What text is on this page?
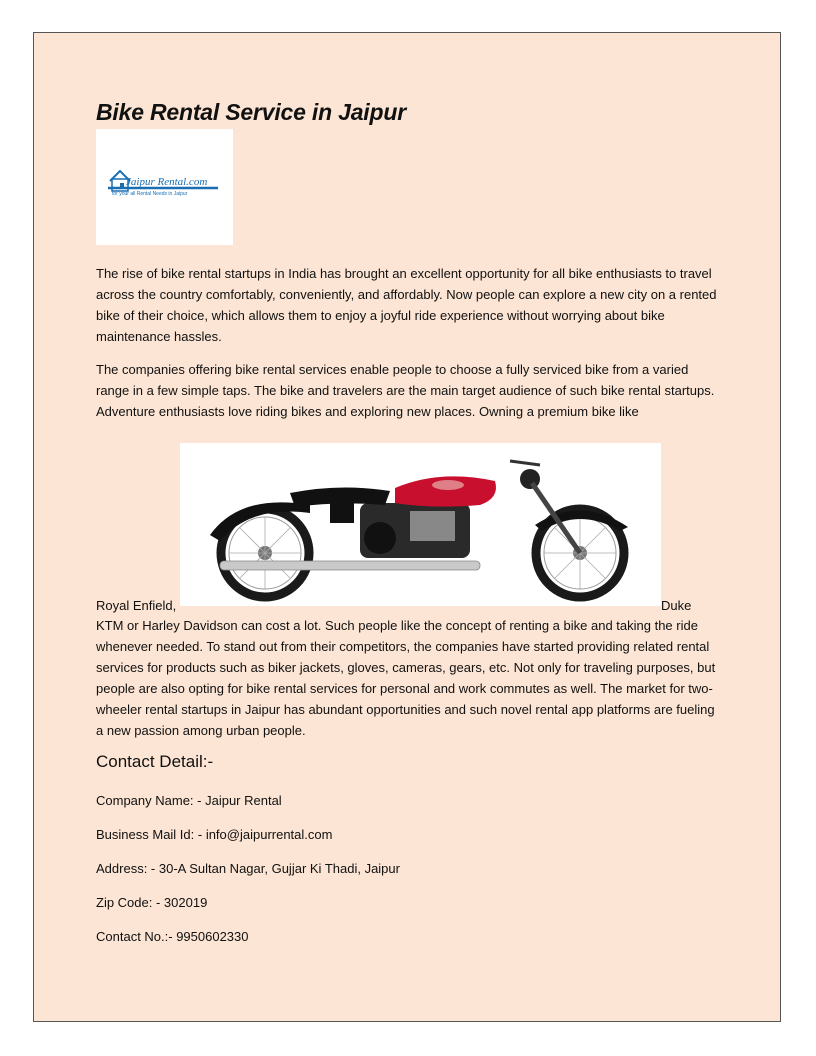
Bike Rental Service in Jaipur
Jaipur Rental.com
for your all Rental Needs in Jaipur

The rise of bike rental startups in India has brought an excellent opportunity for all bike enthusiasts to travel across the country comfortably, conveniently, and affordably. Now people can explore a new city on a rented bike of their choice, which allows them to enjoy a joyful ride experience without worrying about bike maintenance hassles.

The companies offering bike rental services enable people to choose a fully serviced bike from a varied range in a few simple taps. The bike and travelers are the main target audience of such bike rental startups. Adventure enthusiasts love riding bikes and exploring new places. Owning a premium bike like

Royal Enfield,	Duke

KTM or Harley Davidson can cost a lot. Such people like the concept of renting a bike and taking the ride whenever needed. To stand out from their competitors, the companies have started providing related rental services for products such as biker jackets, gloves, cameras, gears, etc. Not only for traveling purposes, but people are also opting for bike rental services for personal and work commutes as well. The market for two-wheeler rental startups in Jaipur has abundant opportunities and such novel rental app platforms are fueling a new passion among urban people.

Contact Detail:-
Company Name: - Jaipur Rental
Business Mail Id: - info@jaipurrental.com
Address: - 30-A Sultan Nagar, Gujjar Ki Thadi, Jaipur
Zip Code: - 302019
Contact No.:- 9950602330
